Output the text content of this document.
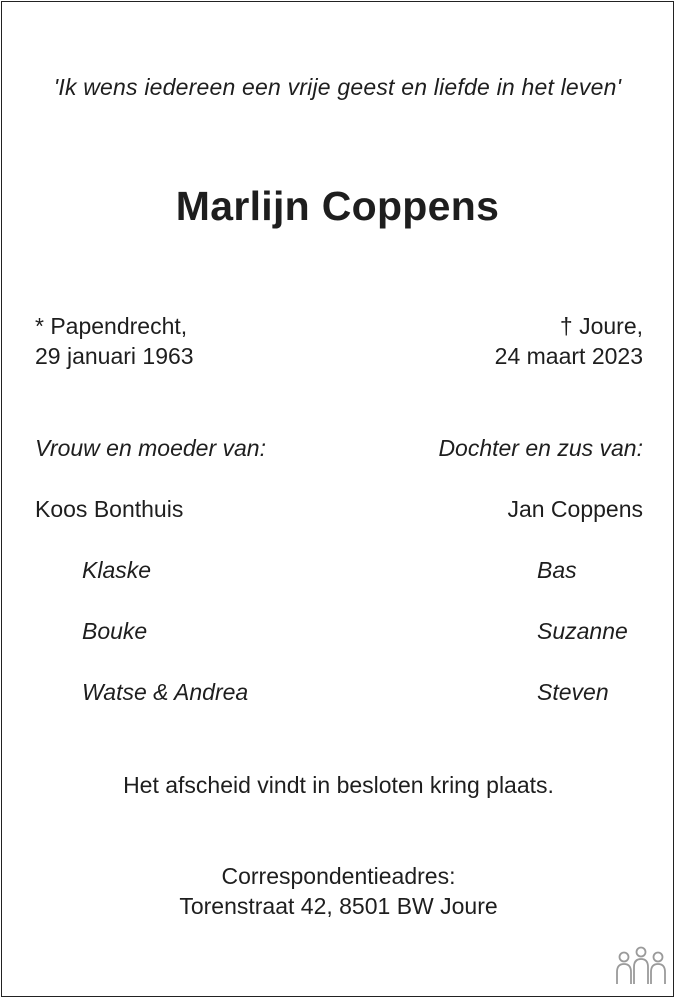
'Ik wens iedereen een vrije geest en liefde in het leven'
Marlijn Coppens
* Papendrecht,
29 januari 1963
† Joure,
24 maart 2023
Vrouw en moeder van:	Dochter en zus van:
Koos Bonthuis	Jan Coppens
Klaske
Bouke
Watse & Andrea
Bas
Suzanne
Steven
Het afscheid vindt in besloten kring plaats.
Correspondentieadres:
Torenstraat 42, 8501 BW Joure
